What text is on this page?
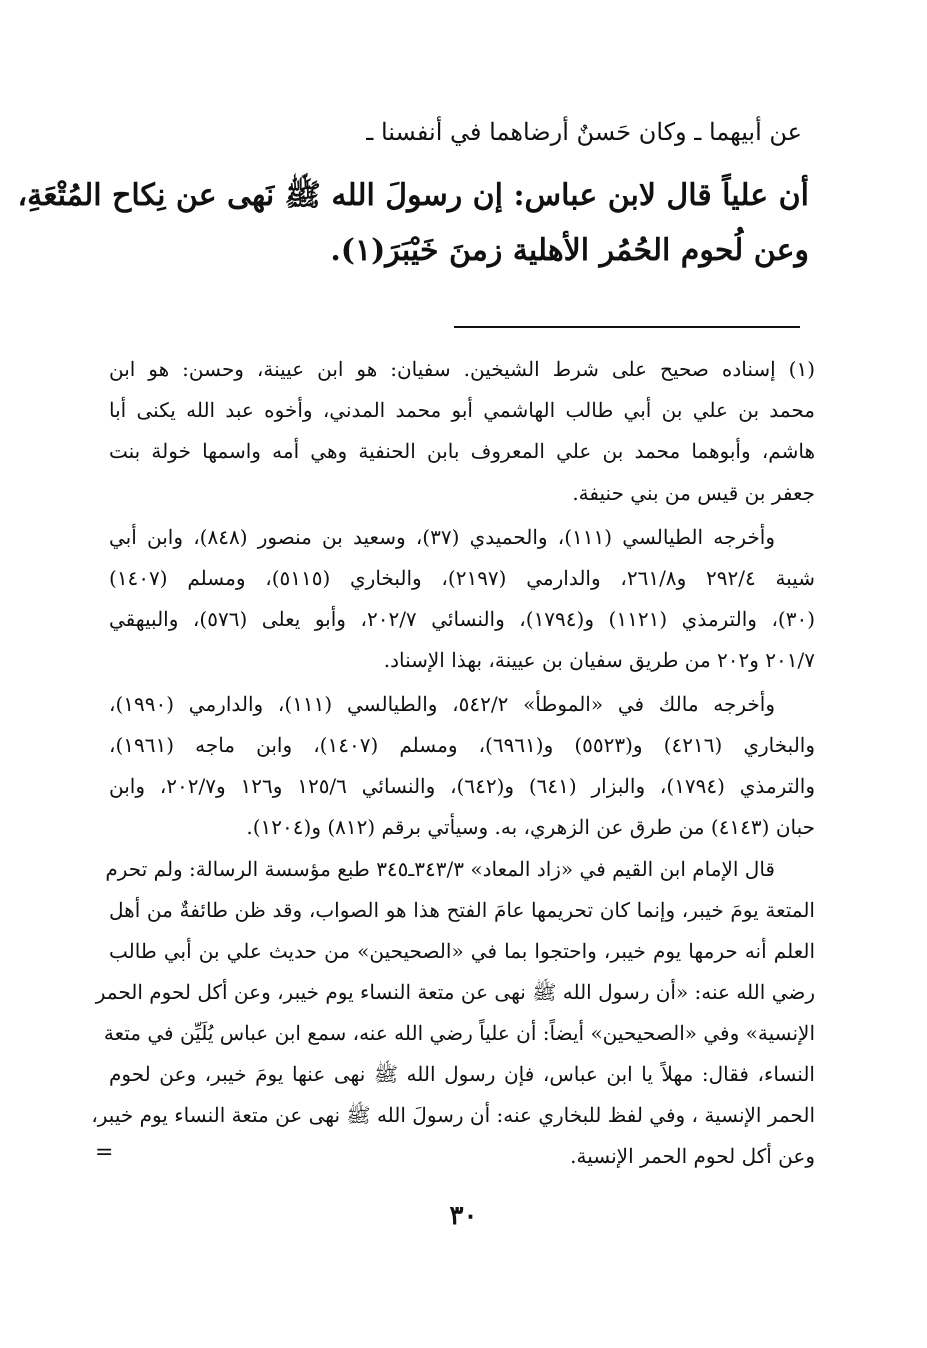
عن أبيهما ـ وكان حَسنٌ أرضاهما في أنفسنا ـ

أن علياً قال لابن عباس: إن رسولَ الله ﷺ نَهى عن نِكاح المُتْعَةِ،

وعن لُحوم الحُمُر الأهلية زمنَ خَيْبَرَ(١).

(١) إسناده صحيح على شرط الشيخين. سفيان: هو ابن عيينة، وحسن: هو ابن

محمد بن علي بن أبي طالب الهاشمي أبو محمد المدني، وأخوه عبد الله يكنى أبا

هاشم، وأبوهما محمد بن علي المعروف بابن الحنفية وهي أمه واسمها خولة بنت

جعفر بن قيس من بني حنيفة.

وأخرجه الطيالسي (١١١)، والحميدي (٣٧)، وسعيد بن منصور (٨٤٨)، وابن أبي

شيبة ٢٩٢/٤ و٢٦١/٨، والدارمي (٢١٩٧)، والبخاري (٥١١٥)، ومسلم (١٤٠٧)

(٣٠)، والترمذي (١١٢١) و(١٧٩٤)، والنسائي ٢٠٢/٧، وأبو يعلى (٥٧٦)، والبيهقي

٢٠١/٧ و٢٠٢ من طريق سفيان بن عيينة، بهذا الإسناد.

وأخرجه مالك في «الموطأ» ٥٤٢/٢، والطيالسي (١١١)، والدارمي (١٩٩٠)،

والبخاري (٤٢١٦) و(٥٥٢٣) و(٦٩٦١)، ومسلم (١٤٠٧)، وابن ماجه (١٩٦١)،

والترمذي (١٧٩٤)، والبزار (٦٤١) و(٦٤٢)، والنسائي ١٢٥/٦ و١٢٦ و٢٠٢/٧، وابن

حبان (٤١٤٣) من طرق عن الزهري، به. وسيأتي برقم (٨١٢) و(١٢٠٤).

قال الإمام ابن القيم في «زاد المعاد» ٣٤٣/٣ـ٣٤٥ طبع مؤسسة الرسالة: ولم تحرم

المتعة يومَ خيبر، وإنما كان تحريمها عامَ الفتح هذا هو الصواب، وقد ظن طائفةٌ من أهل

العلم أنه حرمها يوم خيبر، واحتجوا بما في «الصحيحين» من حديث علي بن أبي طالب

رضي الله عنه: «أن رسول الله ﷺ نهى عن متعة النساء يوم خيبر، وعن أكل لحوم الحمر

الإنسية» وفي «الصحيحين» أيضاً: أن علياً رضي الله عنه، سمع ابن عباس يُلَيِّن في متعة

النساء، فقال: مهلاً يا ابن عباس، فإن رسول الله ﷺ نهى عنها يومَ خيبر، وعن لحوم

الحمر الإنسية ، وفي لفظ للبخاري عنه: أن رسولَ الله ﷺ نهى عن متعة النساء يوم خيبر،

وعن أكل لحوم الحمر الإنسية.

=
٣٠
